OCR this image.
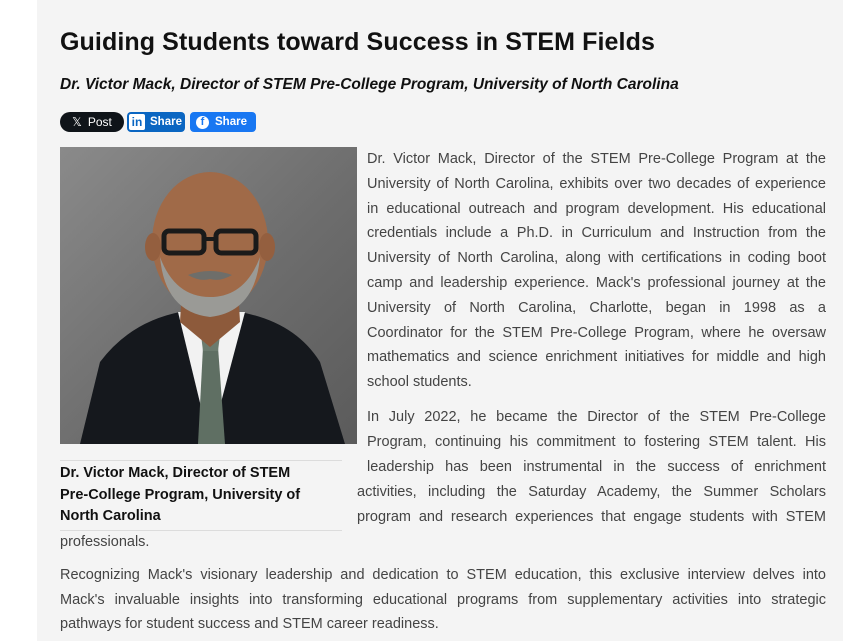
Guiding Students toward Success in STEM Fields
Dr. Victor Mack, Director of STEM Pre-College Program, University of North Carolina
𝕏 Post in Share	f Share
Dr. Victor Mack, Director of STEM
Pre-College Program, University of
North Carolina
Dr. Victor Mack, Director of the STEM Pre-College Program at the
University of North Carolina, exhibits over two decades of experience
in educational outreach and program development. His educational
credentials include a Ph.D. in Curriculum and Instruction from the
University of North Carolina, along with certifications in coding boot
camp and leadership experience. Mack's professional journey at the
University of North Carolina, Charlotte, began in 1998 as a
Coordinator for the STEM Pre-College Program, where he oversaw
mathematics and science enrichment initiatives for middle and high
school students.
In July 2022, he became the Director of the STEM Pre-College
Program, continuing his commitment to fostering STEM talent. His
leadership has been instrumental in the success of enrichment
activities, including the Saturday Academy, the Summer Scholars
program and research experiences that engage students with STEM
professionals.
Recognizing Mack's visionary leadership and dedication to STEM education, this exclusive interview delves into
Mack's invaluable insights into transforming educational programs from supplementary activities into strategic
pathways for student success and STEM career readiness.
